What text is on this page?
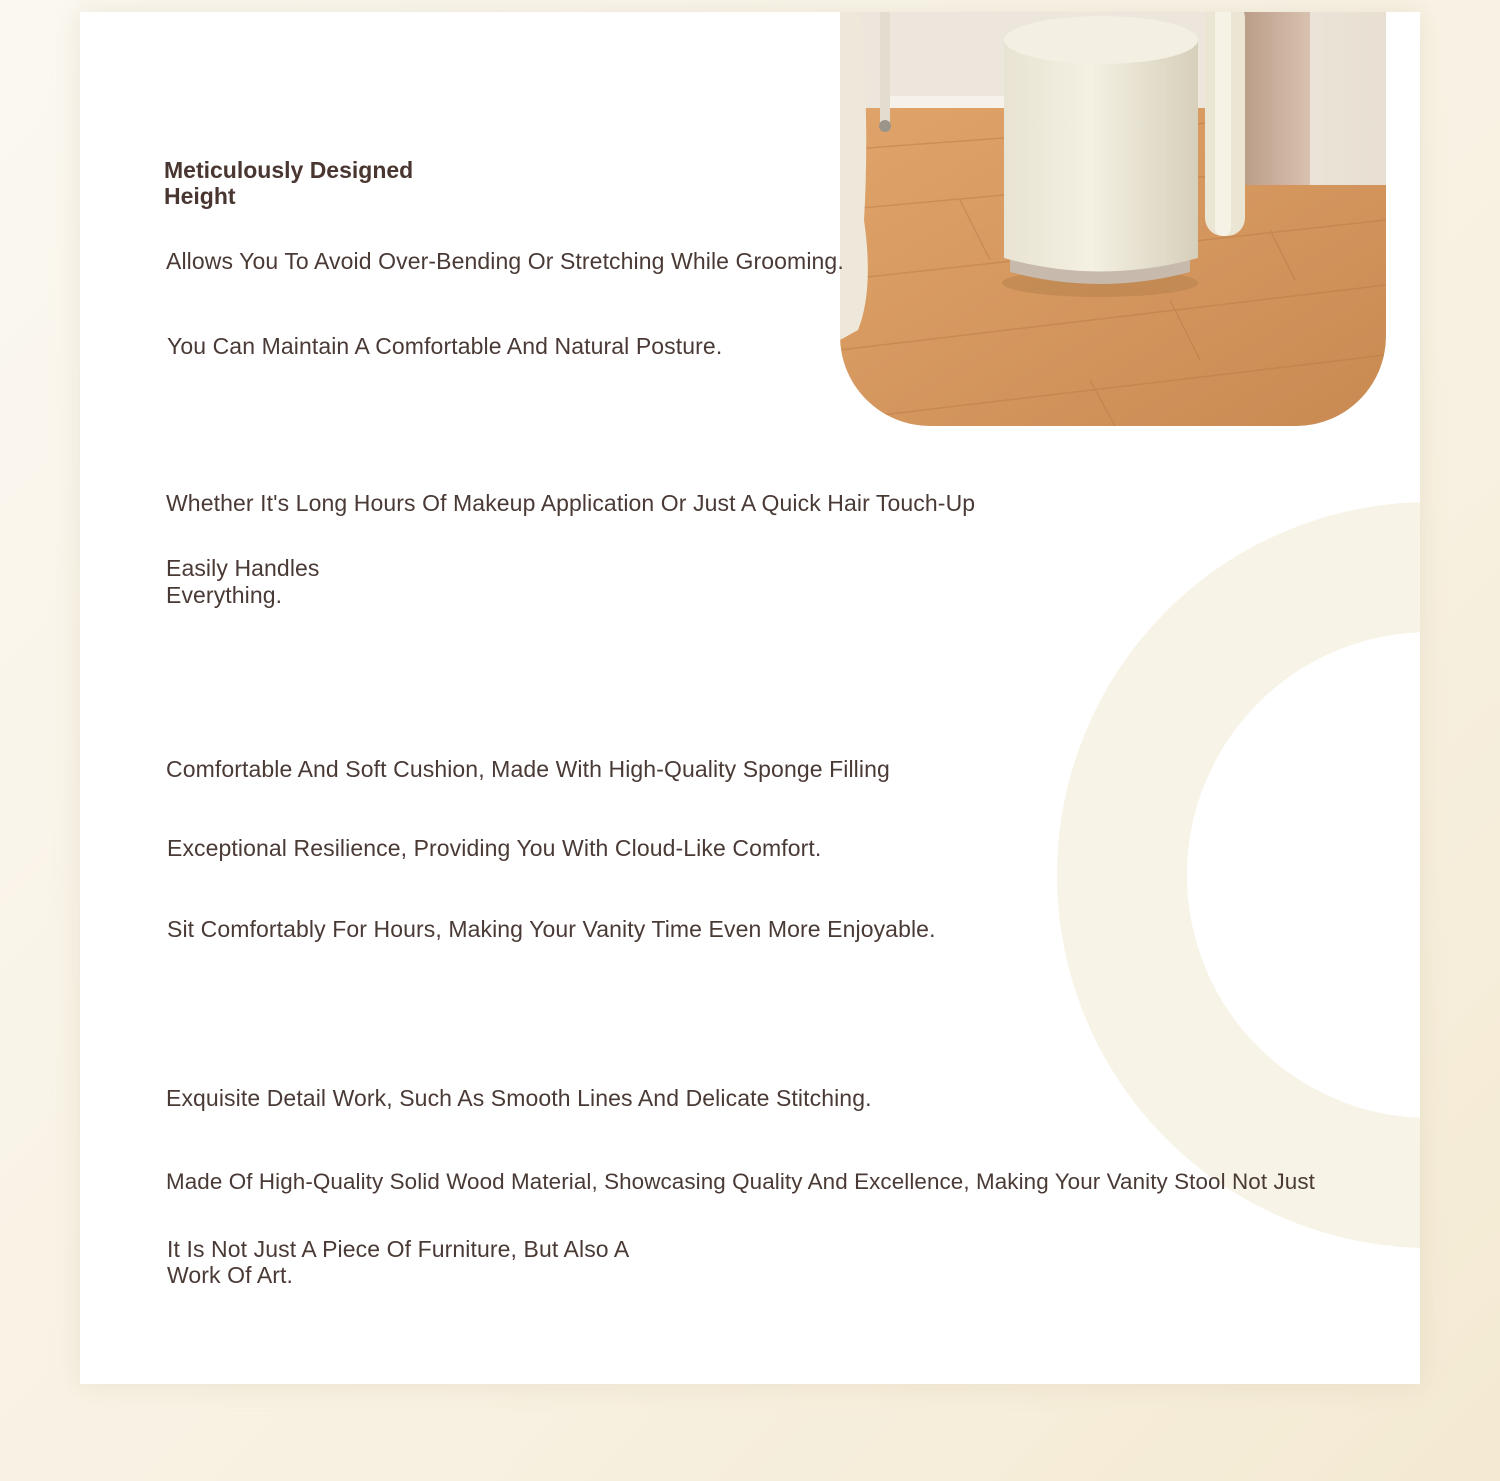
Meticulously Designed
Height

Allows You To Avoid Over-Bending Or Stretching While Grooming.

You Can Maintain A Comfortable And Natural Posture.

Whether It's Long Hours Of Makeup Application Or Just A Quick Hair Touch-Up

Easily Handles
Everything.

Comfortable And Soft Cushion, Made With High-Quality Sponge Filling

Exceptional Resilience, Providing You With Cloud-Like Comfort.

Sit Comfortably For Hours, Making Your Vanity Time Even More Enjoyable.

Exquisite Detail Work, Such As Smooth Lines And Delicate Stitching.

Made Of High-Quality Solid Wood Material, Showcasing Quality And Excellence, Making Your Vanity Stool Not Just

It Is Not Just A Piece Of Furniture, But Also A
Work Of Art.
